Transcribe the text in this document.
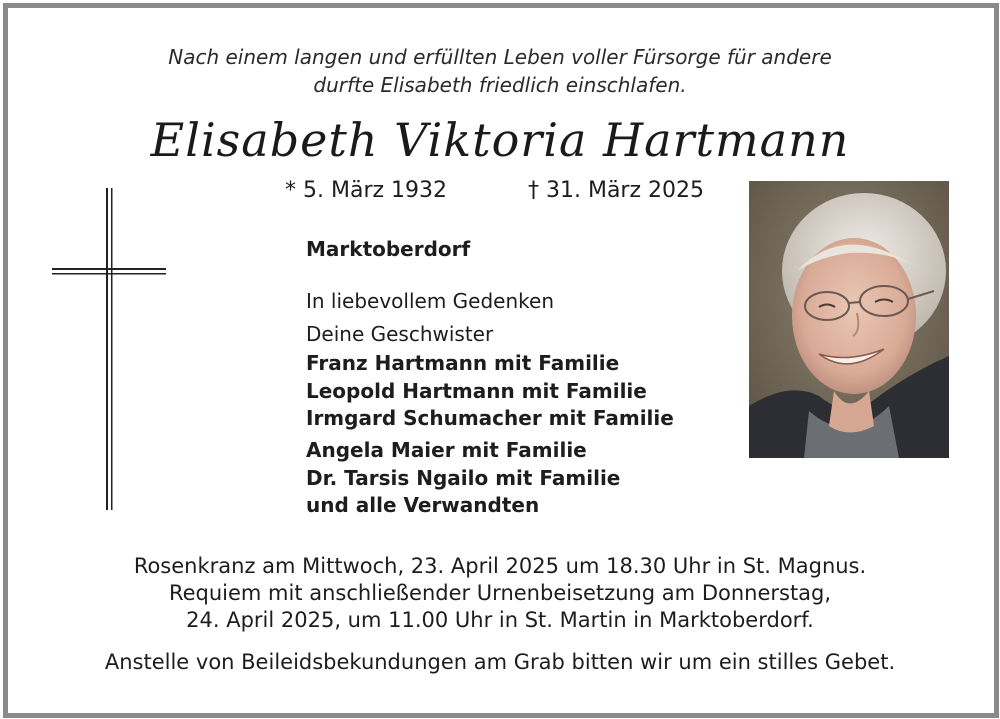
Nach einem langen und erfüllten Leben voller Fürsorge für andere
durfte Elisabeth friedlich einschlafen.
Elisabeth Viktoria Hartmann
* 5. März 1932	† 31. März 2025
Marktoberdorf
In liebevollem Gedenken
Deine Geschwister
Franz Hartmann mit Familie
Leopold Hartmann mit Familie
Irmgard Schumacher mit Familie
Angela Maier mit Familie
Dr. Tarsis Ngailo mit Familie
und alle Verwandten
Rosenkranz am Mittwoch, 23. April 2025 um 18.30 Uhr in St. Magnus.
Requiem mit anschließender Urnenbeisetzung am Donnerstag,
24. April 2025, um 11.00 Uhr in St. Martin in Marktoberdorf.
Anstelle von Beileidsbekundungen am Grab bitten wir um ein stilles Gebet.
